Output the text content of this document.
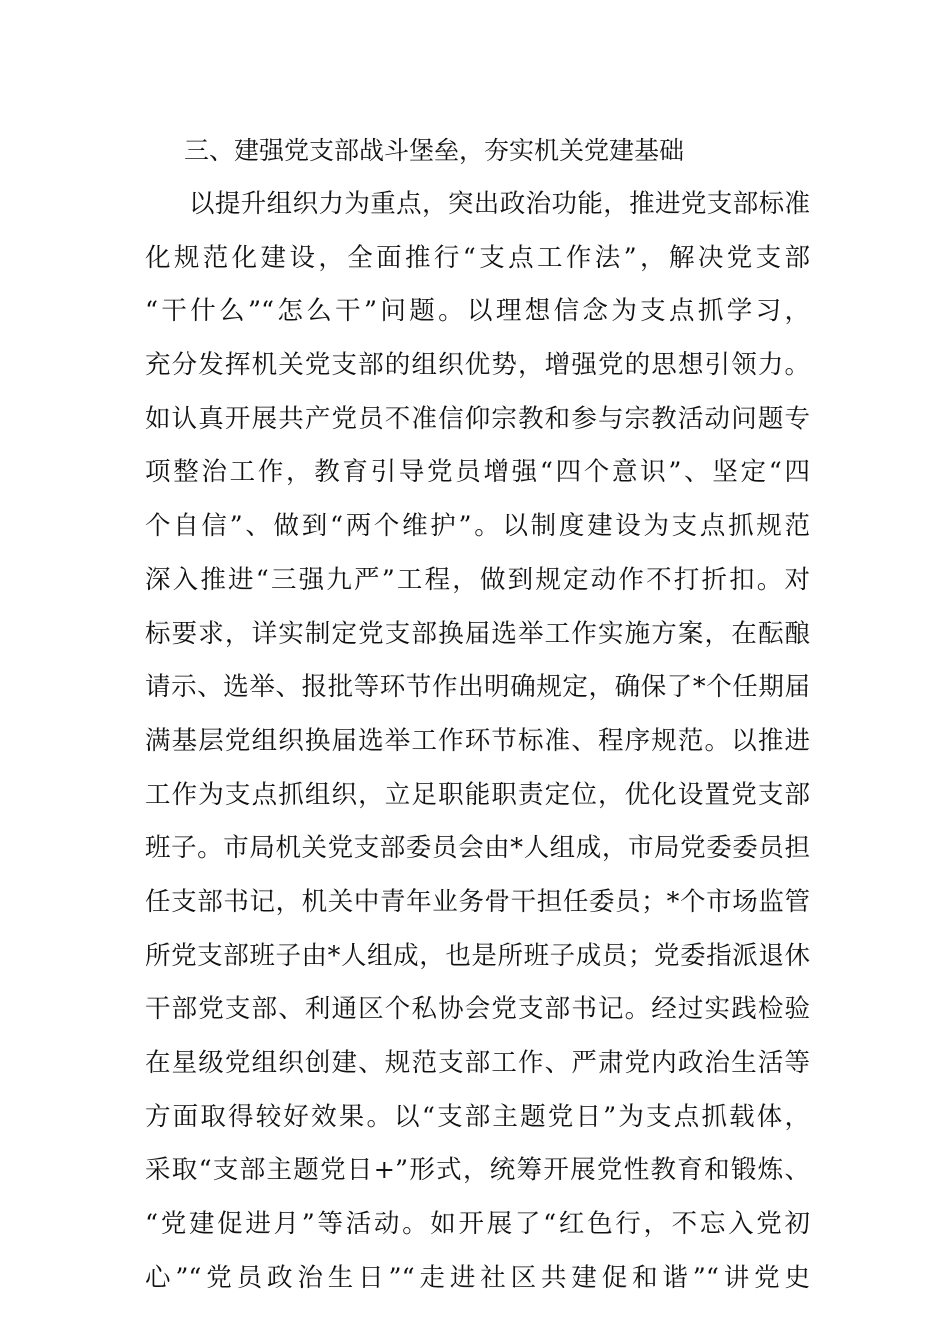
三、建强党支部战斗堡垒，夯实机关党建基础
以提升组织力为重点，突出政治功能，推进党支部标准
化规范化建设，全面推行“支点工作法”，解决党支部
“干什么”“怎么干”问题。以理想信念为支点抓学习，
充分发挥机关党支部的组织优势，增强党的思想引领力。
如认真开展共产党员不准信仰宗教和参与宗教活动问题专
项整治工作，教育引导党员增强“四个意识”、坚定“四
个自信”、做到“两个维护”。以制度建设为支点抓规范
深入推进“三强九严”工程，做到规定动作不打折扣。对
标要求，详实制定党支部换届选举工作实施方案，在酝酿
请示、选举、报批等环节作出明确规定，确保了*个任期届
满基层党组织换届选举工作环节标准、程序规范。以推进
工作为支点抓组织，立足职能职责定位，优化设置党支部
班子。市局机关党支部委员会由*人组成，市局党委委员担
任支部书记，机关中青年业务骨干担任委员；*个市场监管
所党支部班子由*人组成，也是所班子成员；党委指派退休
干部党支部、利通区个私协会党支部书记。经过实践检验
在星级党组织创建、规范支部工作、严肃党内政治生活等
方面取得较好效果。以“支部主题党日”为支点抓载体，
采取“支部主题党日+”形式，统筹开展党性教育和锻炼、
“党建促进月”等活动。如开展了“红色行，不忘入党初
心”“党员政治生日”“走进社区共建促和谐”“讲党史
